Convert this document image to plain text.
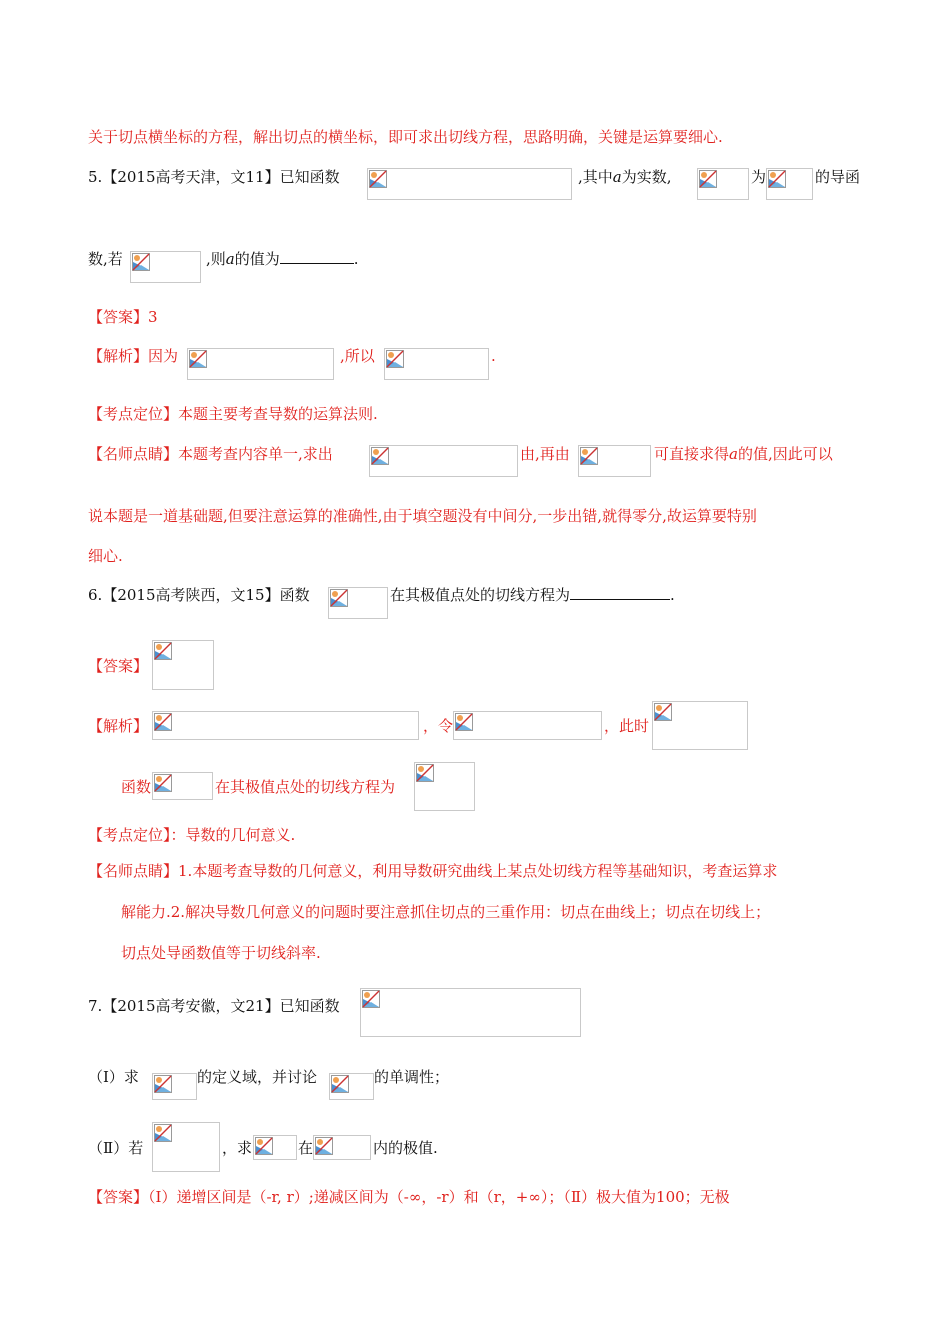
关于切点横坐标的方程，解出切点的横坐标，即可求出切线方程，思路明确，关键是运算要细心.
5.【2015高考天津，文11】已知函数	,其中a为实数,	为	的导函
数,若	,则a的值为	.
【答案】3
【解析】因为	,所以	.
【考点定位】本题主要考查导数的运算法则.
【名师点睛】本题考查内容单一,求出	由,再由	可直接求得a的值,因此可以
说本题是一道基础题,但要注意运算的准确性,由于填空题没有中间分,一步出错,就得零分,故运算要特别
细心.
6.【2015高考陕西，文15】函数	在其极值点处的切线方程为	.
【答案】
【解析】	，令	，此时
函数	在其极值点处的切线方程为
【考点定位】：导数的几何意义.
【名师点睛】1.本题考查导数的几何意义，利用导数研究曲线上某点处切线方程等基础知识，考查运算求
解能力.2.解决导数几何意义的问题时要注意抓住切点的三重作用：切点在曲线上；切点在切线上；
切点处导函数值等于切线斜率.
7.【2015高考安徽，文21】已知函数
（Ⅰ）求	的定义域，并讨论	的单调性；
（Ⅱ）若	，求	在	内的极值.
【答案】（Ⅰ）递增区间是（-r, r）;递减区间为（-∞，-r）和（r，+∞）；（Ⅱ）极大值为100；无极
